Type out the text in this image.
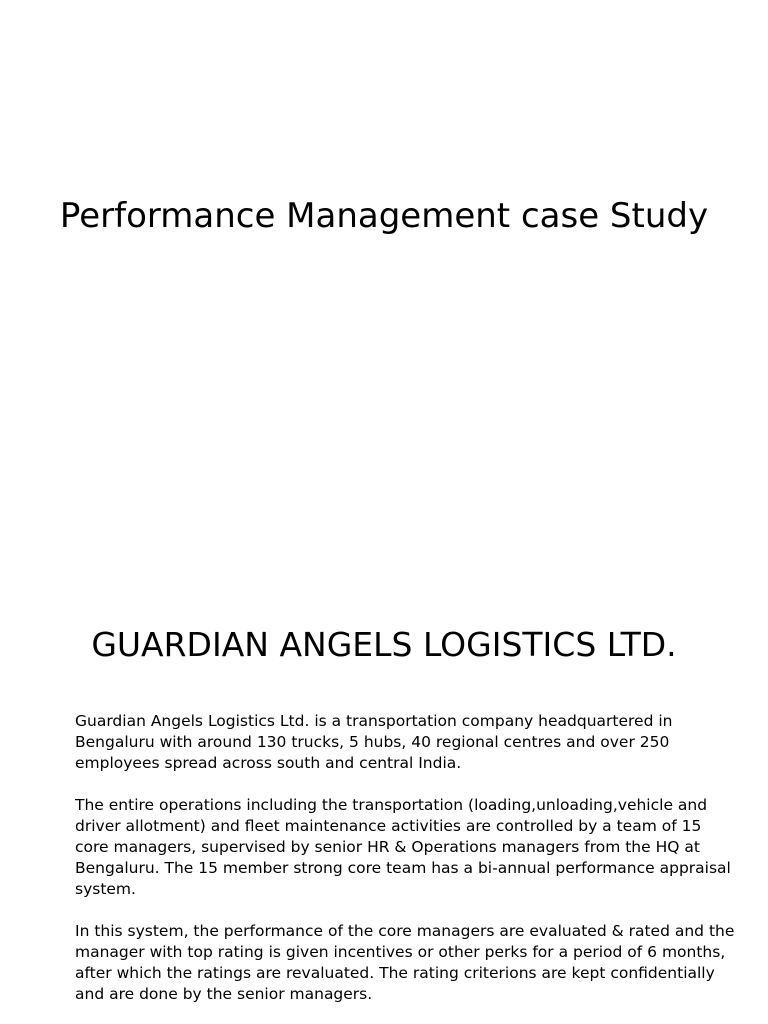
Performance Management case Study
GUARDIAN ANGELS LOGISTICS LTD.

Guardian Angels Logistics Ltd. is a transportation company headquartered in Bengaluru with around 130 trucks, 5 hubs, 40 regional centres and over 250 employees spread across south and central India.

The entire operations including the transportation (loading,unloading,vehicle and driver allotment) and fleet maintenance activities are controlled by a team of 15 core managers, supervised by senior HR & Operations managers from the HQ at Bengaluru. The 15 member strong core team has a bi-annual performance appraisal system.

In this system, the performance of the core managers are evaluated & rated and the manager with top rating is given incentives or other perks for a period of 6 months, after which the ratings are revaluated. The rating criterions are kept confidentially and are done by the senior managers.
